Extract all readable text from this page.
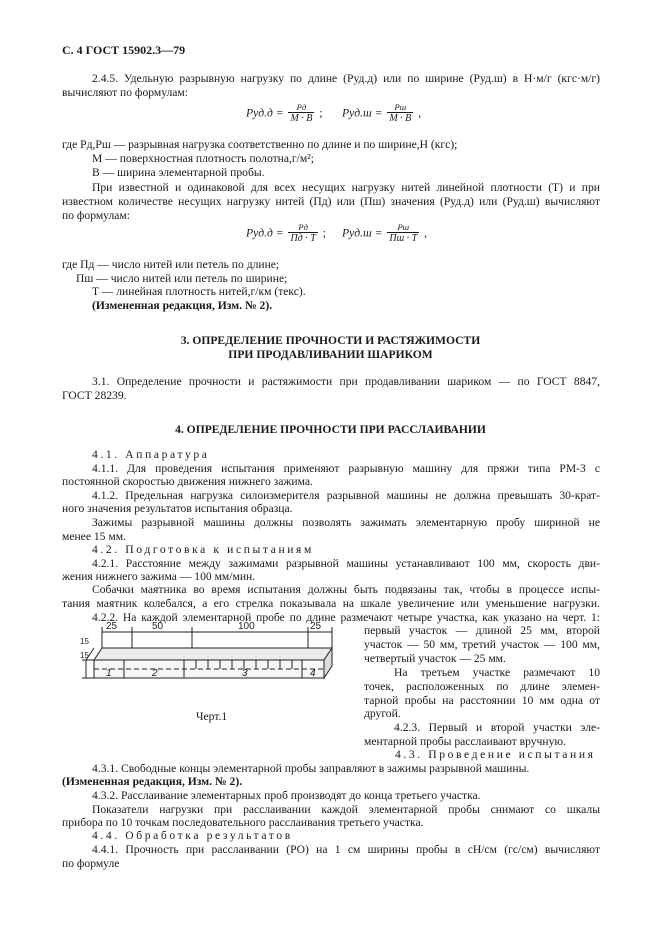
С. 4 ГОСТ 15902.3—79
2.4.5. Удельную разрывную нагрузку по длине (Pуд.д) или по ширине (Pуд.ш) в Н·м/г (кгс·м/г)
вычисляют по формулам:
$Pуд.д = \frac{Pд}{M \cdot B}$ ; $Pуд.ш = \frac{Pш}{M \cdot B}$ ,
где Pд,Pш — разрывная нагрузка соответственно по длине и по ширине,Н (кгс);
M — поверхностная плотность полотна,г/м²;
B — ширина элементарной пробы.
При известной и одинаковой для всех несущих нагрузку нитей линейной плотности (T) и при
известном количестве несущих нагрузку нитей (Пд) или (Пш) значения (Pуд.д) или (Pуд.ш) вычисляют
по формулам:
$Pуд.д = \frac{Pд}{Пд \cdot T}$ ; $Pуд.ш = \frac{Pш}{Пш \cdot T}$ ,
где Пд — число нитей или петель по длине;
Пш — число нитей или петель по ширине;
T — линейная плотность нитей,г/км (текс).
(Измененная редакция, Изм. № 2).
3. ОПРЕДЕЛЕНИЕ ПРОЧНОСТИ И РАСТЯЖИМОСТИ
ПРИ ПРОДАВЛИВАНИИ ШАРИКОМ
3.1. Определение прочности и растяжимости при продавливании шариком — по ГОСТ 8847,
ГОСТ 28239.
4. ОПРЕДЕЛЕНИЕ ПРОЧНОСТИ ПРИ РАССЛАИВАНИИ
4.1. Аппаратура
4.1.1. Для проведения испытания применяют разрывную машину для пряжи типа РМ-3 с
постоянной скоростью движения нижнего зажима.
4.1.2. Предельная нагрузка силоизмерителя разрывной машины не должна превышать 30-крат-
ного значения результатов испытания образца.
Зажимы разрывной машины должны позволять зажимать элементарную пробу шириной не
менее 15 мм.
4.2. Подготовка к испытаниям
4.2.1. Расстояние между зажимами разрывной машины устанавливают 100 мм, скорость дви-
жения нижнего зажима — 100 мм/мин.
Собачки маятника во время испытания должны быть подвязаны так, чтобы в процессе испы-
тания маятник колебался, а его стрелка показывала на шкале увеличение или уменьшение нагрузки.
4.2.2. На каждой элементарной пробе по длине размечают четыре участка, как указано на черт. 1:
первый участок — длиной 25 мм, второй
участок — 50 мм, третий участок — 100 мм,
четвертый участок — 25 мм.
На третьем участке размечают 10
точек, расположенных по длине элемен-
тарной пробы на расстоянии 10 мм одна от
другой.
4.2.3. Первый и второй участки эле-
ментарной пробы расслаивают вручную.
4.3. Проведение испытания
25	50	100	25
15
15
1	2	3	4
Черт.1
4.3.1. Свободные концы элементарной пробы заправляют в зажимы разрывной машины.
(Измененная редакция, Изм. № 2).
4.3.2. Расслаивание элементарных проб производят до конца третьего участка.
Показатели нагрузки при расслаивании каждой элементарной пробы снимают со шкалы
прибора по 10 точкам последовательного расслаивания третьего участка.
4.4. Обработка результатов
4.4.1. Прочность при расслаивании (PO) на 1 см ширины пробы в сН/см (гс/см) вычисляют
по формуле
